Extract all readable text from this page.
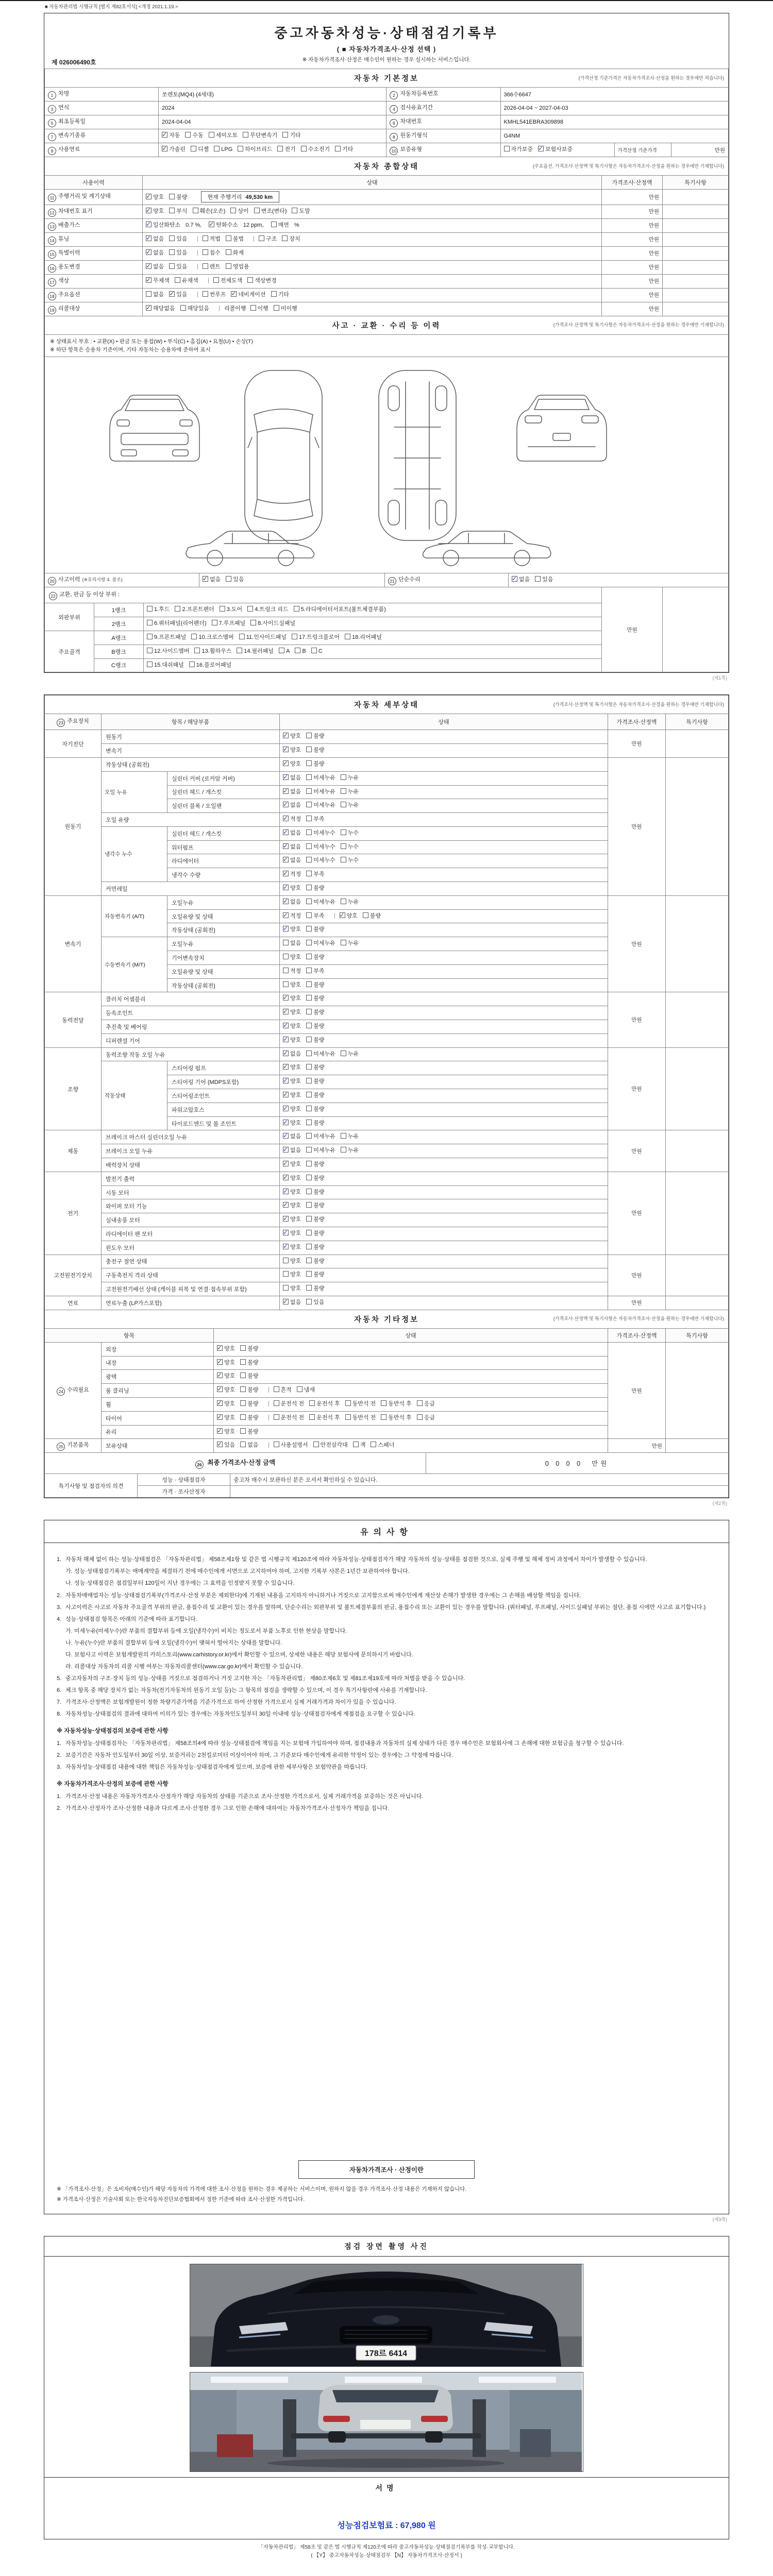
■ 자동차관리법 시행규칙 [별지 제82호서식] <개정 2021.1.19.>
제 026006490호
중고자동차성능·상태점검기록부
( ■ 자동차가격조사·산정 선택 )
※ 자동차가격조사·산정은 매수인이 원하는 경우 실시하는 서비스입니다.
자동차 기본정보 (가격산정 기준가격은 자동차가격조사·산정을 원하는 경우에만 적습니다)					

1 차명	쏘렌토(MQ4) (4세대)	2 자동차등록번호	366수6647		
3 연식	2024	4 검사유효기간	2026-04-04 ~ 2027-04-03		
5 최초등록일	2024-04-04	6 차대번호	KMHL541EBRA309898		
7 변속기종류	✓자동 수동 세미오토 무단변속기 기타	8 원동기형식	G4NM		
9 사용연료	✓가솔린 디젤 LPG 하이브리드 전기 수소전기 기타	10 보증유형	자가보증 ✓ 보험사보증	가격산정 기준가격	만원
자동차 종합상태 (주요옵션, 가격조사·산정액 및 특기사항은 자동차가격조사·산정을 원하는 경우에만 기재합니다)			

사용이력	상태	가격조사·산정액	특기사항
11 주행거리 및 계기상태	✓양호 불량 현재 주행거리 49,530 km	만원	
12 차대번호 표기	✓양호 부식 훼손(오손) 상이 변조(변타) 도말	만원	
13 배출가스	✓일산화탄소 0.7 %, ✓ 탄화수소 12 ppm, 매연 %	만원	
14 튜닝	✓없음 있음 적법 불법 구조 장치	만원	
15 특별이력	✓없음 있음 침수 화재	만원	
16 용도변경	✓없음 있음 렌트 영업용	만원	
17 색상	✓무채색 유채색 전체도색 색상변경	만원	
18 주요옵션	없음 ✓ 있음 썬루프 ✓ 네비게이션 기타	만원	
19 리콜대상	✓해당없음 해당있음 리콜이행 이행 미이행	만원	
사고 · 교환 · 수리 등 이력	(가격조사·산정액 및 특기사항은 자동차가격조사·산정을 원하는 경우에만 기재합니다)

※ 상태표시 부호 : • 교환(X) • 판금 또는 용접(W) • 부식(C) • 흠집(A) • 요철(U) • 손상(T)
※ 하단 항목은 승용차 기준이며, 기타 자동차는 승용차에 준하여 표시

20 사고이력 (※유의사항 4. 참조)	✓없음 있음	21 단순수리	✓없음 있음
22 교환, 판금 등 이상 부위 :			만원	
외판부위	1랭크	1.후드 2.프론트펜더 3.도어 4.트렁크 리드 5.라디에이터서포트(볼트체결부품)		
	2랭크	6.쿼터패널(리어펜더) 7.루프패널 8.사이드실패널		
주요골격	A랭크	9.프론트패널 10.크로스멤버 11.인사이드패널 17.트렁크플로어 18.리어패널		
	B랭크	12.사이드멤버 13.휠하우스 14.필러패널 A B C		
	C랭크	15.대쉬패널 16.플로어패널		
(제1쪽)
자동차 세부상태 (가격조사·산정액 및 특기사항은 자동차가격조사·산정을 원하는 경우에만 기재합니다)					

23 주요장치	항목 / 해당부품		상태	가격조사·산정액	특기사항
자기진단	원동기	✓양호 불량	만원	
	변속기	✓양호 불량
원동기	작동상태 (공회전)	✓양호 불량	만원	
	오일 누유	실린더 커버 (로커암 커버)	✓없음 미세누유 누유
		실린더 헤드 / 개스킷	✓없음 미세누유 누유
		실린더 블록 / 오일팬	✓없음 미세누유 누유
	오일 유량	✓적정 부족
	냉각수 누수	실린더 헤드 / 개스킷	✓없음 미세누수 누수
		워터펌프	✓없음 미세누수 누수
		라디에이터	✓없음 미세누수 누수
		냉각수 수량	✓적정 부족
	커먼레일	✓양호 불량
변속기	자동변속기 (A/T)	오일누유	✓없음 미세누유 누유	만원	
		오일유량 및 상태	✓적정 부족 ✓ 양호 불량
		작동상태 (공회전)	✓양호 불량
	수동변속기 (M/T)	오일누유	없음 미세누유 누유		
		기어변속장치	양호 불량		
		오일유량 및 상태	적정 부족		
		작동상태 (공회전)	양호 불량		
동력전달	클러치 어셈블리	✓양호 불량	만원	
	등속조인트	✓양호 불량
	추진축 및 베어링	✓양호 불량
	디퍼렌셜 기어	✓양호 불량
조향	동력조향 작동 오일 누유	✓없음 미세누유 누유	만원	
	작동상태	스티어링 펌프	✓양호 불량
		스티어링 기어 (MDPS포함)	✓양호 불량
		스티어링조인트	✓양호 불량
		파워고압호스	✓양호 불량
		타이로드엔드 및 볼 조인트	✓양호 불량
제동	브레이크 마스터 실린더오일 누유	✓없음 미세누유 누유	만원	
	브레이크 오일 누유	✓없음 미세누유 누유
	배력장치 상태	✓양호 불량
전기	발전기 출력	✓양호 불량	만원	
	시동 모터	✓양호 불량
	와이퍼 모터 기능	✓양호 불량
	실내송풍 모터	✓양호 불량
	라디에이터 팬 모터	✓양호 불량
	윈도우 모터	✓양호 불량
고전원전기장치	충전구 절연 상태		양호 불량	만원	
	구동축전지 격리 상태		양호 불량		
	고전원전기배선 상태 (케이블 피복 및 연결·접속부위 포함)		양호 불량		
연료	연료누출 (LP가스포함)	✓없음 있음	만원	
자동차 기타정보 (가격조사·산정액 및 특기사항은 자동차가격조사·산정을 원하는 경우에만 기재합니다)				

항목		상태	가격조사·산정액	특기사항
24 수리필요	외장	✓양호 불량	만원	
	내장	✓양호 불량
	광택	✓양호 불량
	룸 클리닝	✓양호 불량 흔적 냄새
	휠	✓양호 불량 운전석 전 운전석 후 동반석 전 동반석 후 응급
	타이어	✓양호 불량 운전석 전 운전석 후 동반석 전 동반석 후 응급
	유리	✓양호 불량
25 기본품목	보유상태	✓있음 없음 사용설명서 안전삼각대 잭 스패너	만원	
26 최종 가격조사·산정 금액	0 0 0 0 만원
특기사항 및 점검자의 의견	성능 · 상태점검자	중고차 매수시 보관하신 분은 오셔서 확인하실 수 있습니다.
	가격 · 조사산정자	
(제2쪽)
유의사항
1. 자동차 해체 없이 하는 성능·상태점검은 「자동차관리법」 제58조제1항 및 같은 법 시행규칙 제120조에 따라 자동차성능·상태점검자가 해당 자동차의 성능·상태를 점검한 것으로, 실제 주행 및 해체 정비 과정에서 차이가 발생할 수 있습니다.
가. 성능·상태점검기록부는 매매계약을 체결하기 전에 매수인에게 서면으로 고지하여야 하며, 고지한 기록부 사본은 1년간 보관하여야 합니다.
나. 성능·상태점검은 점검일부터 120일이 지난 경우에는 그 효력을 인정받지 못할 수 있습니다.
2. 자동차매매업자는 성능·상태점검기록부(가격조사·산정 부분은 제외한다)에 기재된 내용을 고지하지 아니하거나 거짓으로 고지함으로써 매수인에게 재산상 손해가 발생한 경우에는 그 손해를 배상할 책임을 집니다.
3. 사고이력은 사고로 자동차 주요골격 부위의 판금, 용접수리 및 교환이 있는 경우를 말하며, 단순수리는 외판부위 및 볼트체결부품의 판금, 용접수리 또는 교환이 있는 경우를 말합니다. (쿼터패널, 루프패널, 사이드실패널 부위는 절단, 용접 시에만 사고로 표기합니다.)
4. 성능·상태점검 항목은 아래의 기준에 따라 표기합니다.
가. 미세누유(미세누수)란 부품의 결합부위 등에 오일(냉각수)이 비치는 정도로서 부품 노후로 인한 현상을 말합니다.
나. 누유(누수)란 부품의 결합부위 등에 오일(냉각수)이 맺혀서 떨어지는 상태를 말합니다.
다. 보험사고 이력은 보험개발원의 카히스토리(www.carhistory.or.kr)에서 확인할 수 있으며, 상세한 내용은 해당 보험사에 문의하시기 바랍니다.
라. 리콜대상 자동차의 리콜 시행 여부는 자동차리콜센터(www.car.go.kr)에서 확인할 수 있습니다.
5. 중고자동차의 구조·장치 등의 성능·상태를 거짓으로 점검하거나 거짓 고지한 자는 「자동차관리법」 제80조제6호 및 제81조제19호에 따라 처벌을 받을 수 있습니다.
6. 체크 항목 중 해당 장치가 없는 자동차(전기자동차의 원동기 오일 등)는 그 항목의 점검을 생략할 수 있으며, 이 경우 특기사항란에 사유를 기재합니다.
7. 가격조사·산정액은 보험개발원이 정한 차량기준가액을 기준가격으로 하여 산정한 가격으로서 실제 거래가격과 차이가 있을 수 있습니다.
8. 자동차성능·상태점검의 결과에 대하여 이의가 있는 경우에는 자동차인도일부터 30일 이내에 성능·상태점검자에게 재점검을 요구할 수 있습니다.
※ 자동차성능·상태점검의 보증에 관한 사항
1. 자동차성능·상태점검자는 「자동차관리법」 제58조의4에 따라 성능·상태점검에 책임을 지는 보험에 가입하여야 하며, 점검내용과 자동차의 실제 상태가 다른 경우 매수인은 보험회사에 그 손해에 대한 보험금을 청구할 수 있습니다.
2. 보증기간은 자동차 인도일부터 30일 이상, 보증거리는 2천킬로미터 이상이어야 하며, 그 기준보다 매수인에게 유리한 약정이 있는 경우에는 그 약정에 따릅니다.
3. 자동차성능·상태점검 내용에 대한 책임은 자동차성능·상태점검자에게 있으며, 보증에 관한 세부사항은 보험약관을 따릅니다.
※ 자동차가격조사·산정의 보증에 관한 사항
1. 가격조사·산정 내용은 자동차가격조사·산정자가 해당 자동차의 상태를 기준으로 조사·산정한 가격으로서, 실제 거래가격을 보증하는 것은 아닙니다.
2. 가격조사·산정자가 조사·산정한 내용과 다르게 조사·산정한 경우 그로 인한 손해에 대하여는 자동차가격조사·산정자가 책임을 집니다.
자동차가격조사 · 산정이란
※ 「가격조사·산정」은 소비자(매수인)가 해당 자동차의 가격에 대한 조사·산정을 원하는 경우 제공하는 서비스이며, 원하지 않을 경우 가격조사·산정 내용은 기재하지 않습니다.
※ 가격조사·산정은 기술사회 또는 한국자동차진단보증협회에서 정한 기준에 따라 조사·산정한 가격입니다.
(제3쪽)
점검 장면 촬영 사진
178르 6414
서명
성능점검보험료 : 67,980 원
「자동차관리법」 제58조 및 같은 법 시행규칙 제120조에 따라 중고자동차성능·상태점검기록부를 작성·교부합니다.
( 【Y】 중고자동차성능·상태점검부 【N】 자동차가격조사·산정서 )
